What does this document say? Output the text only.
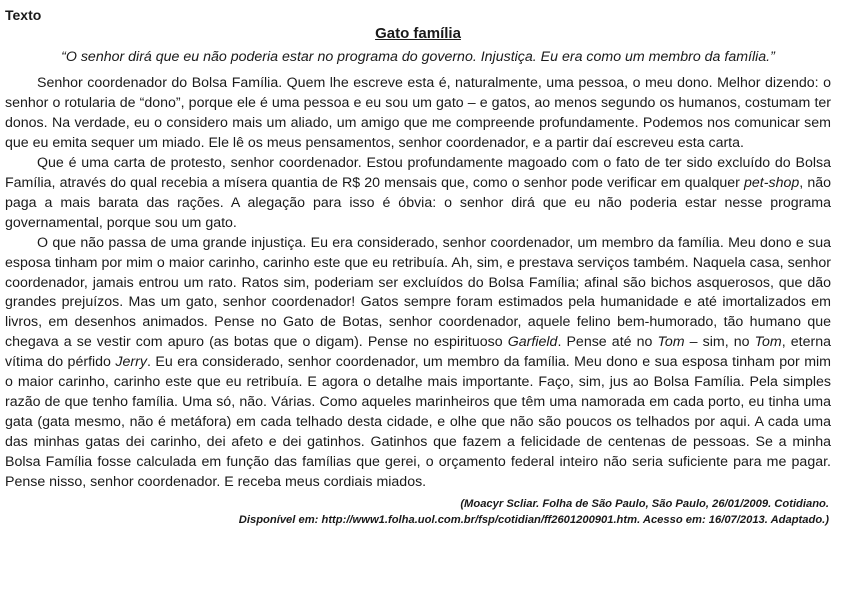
Texto

Gato família

“O senhor dirá que eu não poderia estar no programa do governo. Injustiça. Eu era como um membro da família.”

Senhor coordenador do Bolsa Família. Quem lhe escreve esta é, naturalmente, uma pessoa, o meu dono. Melhor dizendo: o senhor o rotularia de “dono”, porque ele é uma pessoa e eu sou um gato – e gatos, ao menos segundo os humanos, costumam ter donos. Na verdade, eu o considero mais um aliado, um amigo que me compreende profundamente. Podemos nos comunicar sem que eu emita sequer um miado. Ele lê os meus pensamentos, senhor coordenador, e a partir daí escreveu esta carta.

Que é uma carta de protesto, senhor coordenador. Estou profundamente magoado com o fato de ter sido excluído do Bolsa Família, através do qual recebia a mísera quantia de R$ 20 mensais que, como o senhor pode verificar em qualquer pet-shop, não paga a mais barata das rações. A alegação para isso é óbvia: o senhor dirá que eu não poderia estar nesse programa governamental, porque sou um gato.

O que não passa de uma grande injustiça. Eu era considerado, senhor coordenador, um membro da família. Meu dono e sua esposa tinham por mim o maior carinho, carinho este que eu retribuía. Ah, sim, e prestava serviços também. Naquela casa, senhor coordenador, jamais entrou um rato. Ratos sim, poderiam ser excluídos do Bolsa Família; afinal são bichos asquerosos, que dão grandes prejuízos. Mas um gato, senhor coordenador! Gatos sempre foram estimados pela humanidade e até imortalizados em livros, em desenhos animados. Pense no Gato de Botas, senhor coordenador, aquele felino bem-humorado, tão humano que chegava a se vestir com apuro (as botas que o digam). Pense no espirituoso Garfield. Pense até no Tom – sim, no Tom, eterna vítima do pérfido Jerry. Eu era considerado, senhor coordenador, um membro da família. Meu dono e sua esposa tinham por mim o maior carinho, carinho este que eu retribuía. E agora o detalhe mais importante. Faço, sim, jus ao Bolsa Família. Pela simples razão de que tenho família. Uma só, não. Várias. Como aqueles marinheiros que têm uma namorada em cada porto, eu tinha uma gata (gata mesmo, não é metáfora) em cada telhado desta cidade, e olhe que não são poucos os telhados por aqui. A cada uma das minhas gatas dei carinho, dei afeto e dei gatinhos. Gatinhos que fazem a felicidade de centenas de pessoas. Se a minha Bolsa Família fosse calculada em função das famílias que gerei, o orçamento federal inteiro não seria suficiente para me pagar. Pense nisso, senhor coordenador. E receba meus cordiais miados.

(Moacyr Scliar. Folha de São Paulo, São Paulo, 26/01/2009. Cotidiano.
Disponível em: http://www1.folha.uol.com.br/fsp/cotidian/ff2601200901.htm. Acesso em: 16/07/2013. Adaptado.)
